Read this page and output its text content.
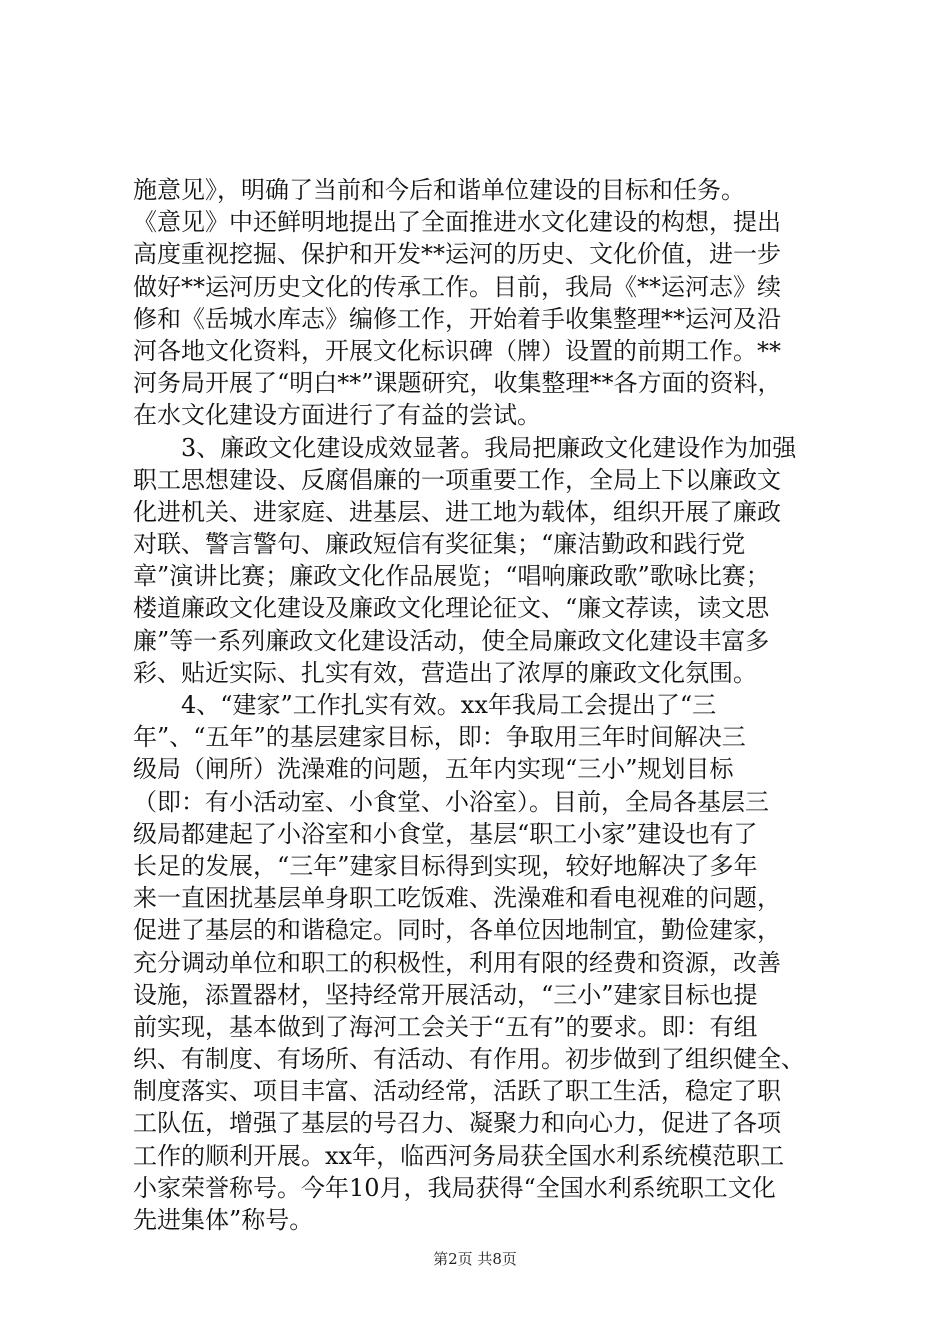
施意见》，明确了当前和今后和谐单位建设的目标和任务。
《意见》中还鲜明地提出了全面推进水文化建设的构想，提出
高度重视挖掘、保护和开发**运河的历史、文化价值，进一步
做好**运河历史文化的传承工作。目前，我局《**运河志》续
修和《岳城水库志》编修工作，开始着手收集整理**运河及沿
河各地文化资料，开展文化标识碑（牌）设置的前期工作。**
河务局开展了“明白**”课题研究，收集整理**各方面的资料，
在水文化建设方面进行了有益的尝试。
　　3、廉政文化建设成效显著。我局把廉政文化建设作为加强
职工思想建设、反腐倡廉的一项重要工作，全局上下以廉政文
化进机关、进家庭、进基层、进工地为载体，组织开展了廉政
对联、警言警句、廉政短信有奖征集；“廉洁勤政和践行党
章”演讲比赛；廉政文化作品展览；“唱响廉政歌”歌咏比赛；
楼道廉政文化建设及廉政文化理论征文、“廉文荐读，读文思
廉”等一系列廉政文化建设活动，使全局廉政文化建设丰富多
彩、贴近实际、扎实有效，营造出了浓厚的廉政文化氛围。
　　4、“建家”工作扎实有效。xx年我局工会提出了“三
年”、“五年”的基层建家目标，即：争取用三年时间解决三
级局（闸所）洗澡难的问题，五年内实现“三小”规划目标
（即：有小活动室、小食堂、小浴室）。目前，全局各基层三
级局都建起了小浴室和小食堂，基层“职工小家”建设也有了
长足的发展，“三年”建家目标得到实现，较好地解决了多年
来一直困扰基层单身职工吃饭难、洗澡难和看电视难的问题，
促进了基层的和谐稳定。同时，各单位因地制宜，勤俭建家，
充分调动单位和职工的积极性，利用有限的经费和资源，改善
设施，添置器材，坚持经常开展活动，“三小”建家目标也提
前实现，基本做到了海河工会关于“五有”的要求。即：有组
织、有制度、有场所、有活动、有作用。初步做到了组织健全、
制度落实、项目丰富、活动经常，活跃了职工生活，稳定了职
工队伍，增强了基层的号召力、凝聚力和向心力，促进了各项
工作的顺利开展。xx年，临西河务局获全国水利系统模范职工
小家荣誉称号。今年10月，我局获得“全国水利系统职工文化
先进集体”称号。
第2页 共8页
